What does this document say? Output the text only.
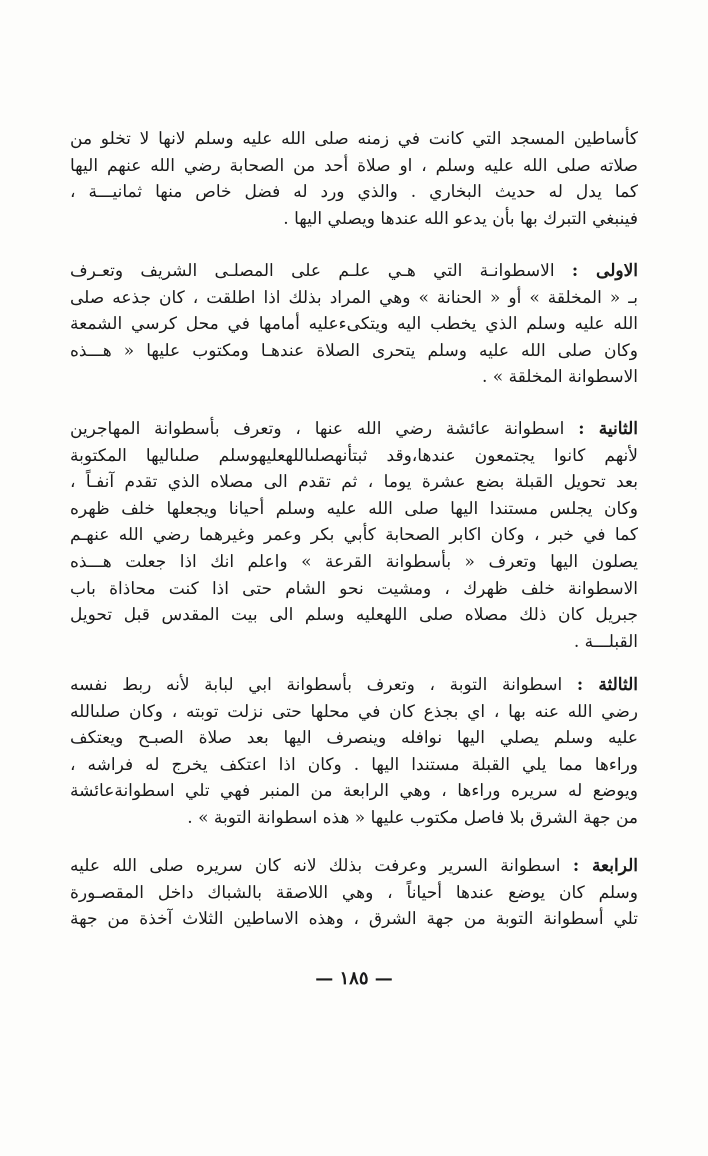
كأساطين المسجد التي كانت في زمنه صلى الله عليه وسلم لانها لا تخلو من
صلاته صلى الله عليه وسلم ، او صلاة أحد من الصحابة رضي الله عنهم اليها
كما يدل له حديث البخاري . والذي ورد له فضل خاص منها ثمانيـــة ،
فينبغي التبرك بها بأن يدعو الله عندها ويصلي اليها .
الاولى : الاسطوانـة التي هـي علـم على المصلـى الشريف وتعـرف
بـ « المخلقة » أو « الحنانة » وهي المراد بذلك اذا اطلقت ، كان جذعه صلى
الله عليه وسلم الذي يخطب اليه ويتكىءعليه أمامها في محل كرسي الشمعة
وكان صلى الله عليه وسلم يتحرى الصلاة عندهـا ومكتوب عليها « هـــذه
الاسطوانة المخلقة » .
الثانية : اسطوانة عائشة رضي الله عنها ، وتعرف بأسطوانة المهاجرين
لأنهم كانوا يجتمعون عندها،وقد ثبتأنهصلىاللهعليهوسلم صلىاليها المكتوبة
بعد تحويل القبلة بضع عشرة يوما ، ثم تقدم الى مصلاه الذي تقدم آنفـاً ،
وكان يجلس مستندا اليها صلى الله عليه وسلم أحيانا ويجعلها خلف ظهره
كما في خبر ، وكان اكابر الصحابة كأبي بكر وعمر وغيرهما رضي الله عنهـم
يصلون اليها وتعرف « بأسطوانة القرعة » واعلم انك اذا جعلت هـــذه
الاسطوانة خلف ظهرك ، ومشيت نحو الشام حتى اذا كنت محاذاة باب
جبريل كان ذلك مصلاه صلى اللهعليه وسلم الى بيت المقدس قبل تحويل
القبلـــة .
الثالثة : اسطوانة التوبة ، وتعرف بأسطوانة ابي لبابة لأنه ربط نفسه
رضي الله عنه بها ، اي بجذع كان في محلها حتى نزلت توبته ، وكان صلىالله
عليه وسلم يصلي اليها نوافله وينصرف اليها بعد صلاة الصبـح ويعتكف
وراءها مما يلي القبلة مستندا اليها . وكان اذا اعتكف يخرج له فراشه ،
ويوضع له سريره وراءها ، وهي الرابعة من المنبر فهي تلي اسطوانةعائشة
من جهة الشرق بلا فاصل مكتوب عليها « هذه اسطوانة التوبة » .
الرابعة : اسطوانة السرير وعرفت بذلك لانه كان سريره صلى الله عليه
وسلم كان يوضع عندها أحياناً ، وهي اللاصقة بالشباك داخل المقصـورة
تلي أسطوانة التوبة من جهة الشرق ، وهذه الاساطين الثلاث آخذة من جهة
— ١٨٥ —
